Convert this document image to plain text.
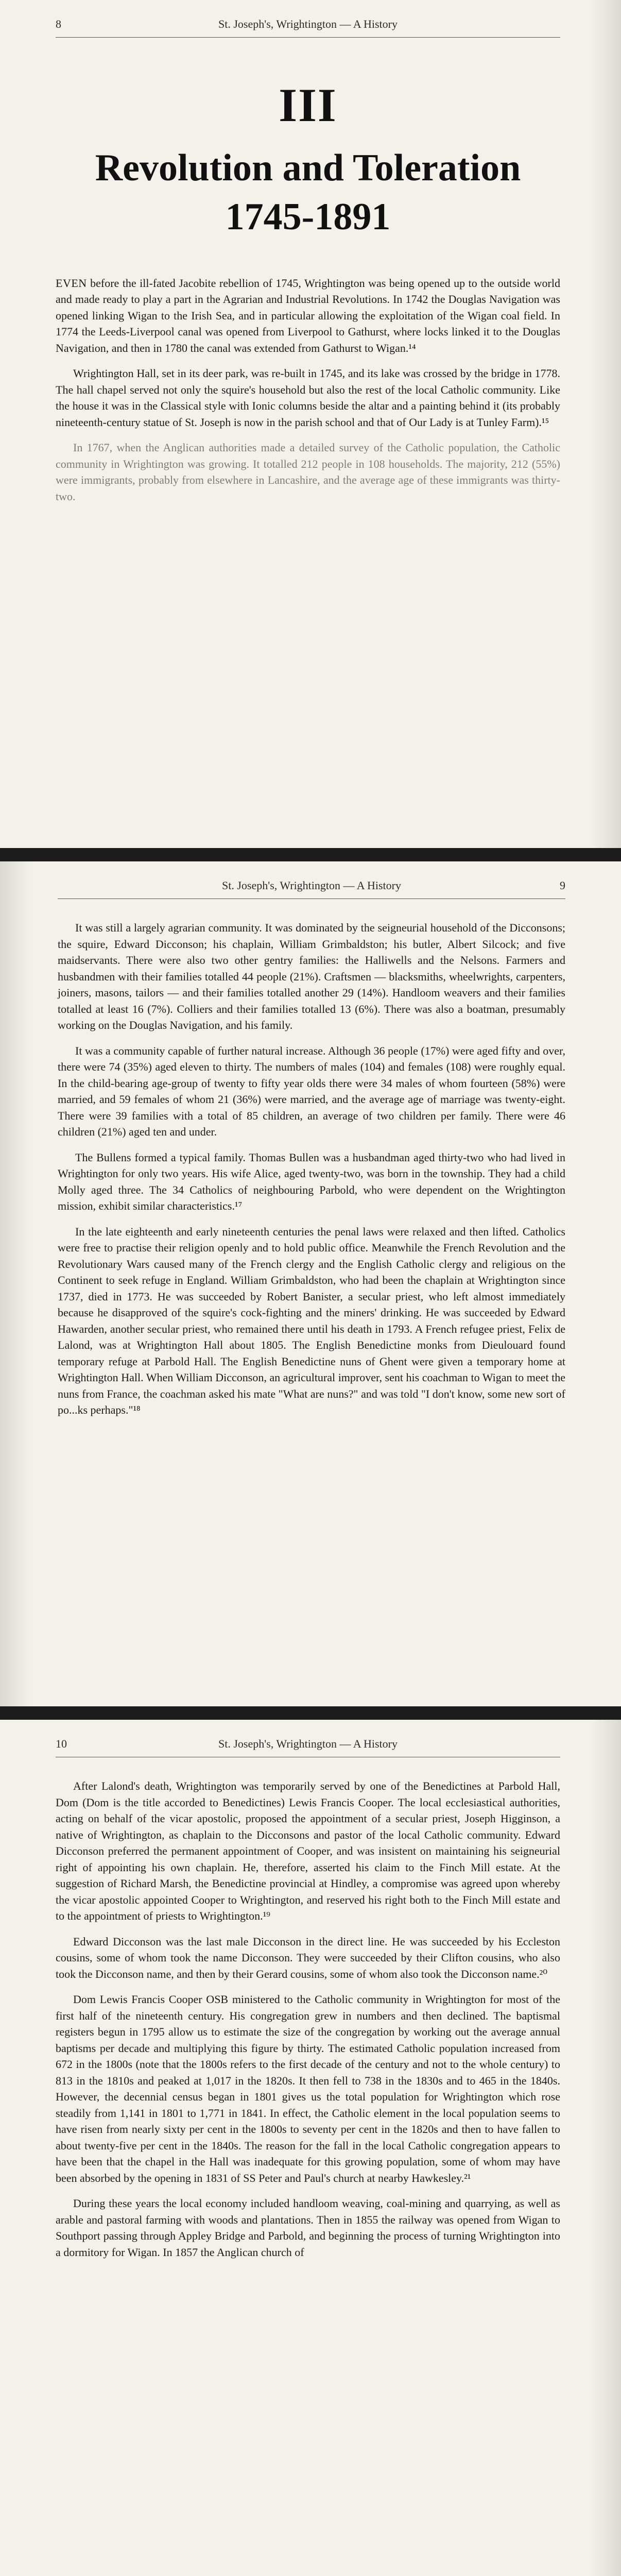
8	St. Joseph's, Wrightington — A History
III
Revolution and Toleration
1745-1891

EVEN before the ill-fated Jacobite rebellion of 1745, Wrightington was being opened up to the outside world and made ready to play a part in the Agrarian and Industrial Revolutions. In 1742 the Douglas Navigation was opened linking Wigan to the Irish Sea, and in particular allowing the exploitation of the Wigan coal field. In 1774 the Leeds-Liverpool canal was opened from Liverpool to Gathurst, where locks linked it to the Douglas Navigation, and then in 1780 the canal was extended from Gathurst to Wigan.¹⁴

Wrightington Hall, set in its deer park, was re-built in 1745, and its lake was crossed by the bridge in 1778. The hall chapel served not only the squire's household but also the rest of the local Catholic community. Like the house it was in the Classical style with Ionic columns beside the altar and a painting behind it (its probably nineteenth-century statue of St. Joseph is now in the parish school and that of Our Lady is at Tunley Farm).¹⁵

In 1767, when the Anglican authorities made a detailed survey of the Catholic population, the Catholic community in Wrightington was growing. It totalled 212 people in 108 households. The majority, 212 (55%) were immigrants, probably from elsewhere in Lancashire, and the average age of these immigrants was thirty-two.

St. Joseph's, Wrightington — A History	9

It was still a largely agrarian community. It was dominated by the seigneurial household of the Dicconsons; the squire, Edward Dicconson; his chaplain, William Grimbaldston; his butler, Albert Silcock; and five maidservants. There were also two other gentry families: the Halliwells and the Nelsons. Farmers and husbandmen with their families totalled 44 people (21%). Craftsmen — blacksmiths, wheelwrights, carpenters, joiners, masons, tailors — and their families totalled another 29 (14%). Handloom weavers and their families totalled at least 16 (7%). Colliers and their families totalled 13 (6%). There was also a boatman, presumably working on the Douglas Navigation, and his family.

It was a community capable of further natural increase. Although 36 people (17%) were aged fifty and over, there were 74 (35%) aged eleven to thirty. The numbers of males (104) and females (108) were roughly equal. In the child-bearing age-group of twenty to fifty year olds there were 34 males of whom fourteen (58%) were married, and 59 females of whom 21 (36%) were married, and the average age of marriage was twenty-eight. There were 39 families with a total of 85 children, an average of two children per family. There were 46 children (21%) aged ten and under.

The Bullens formed a typical family. Thomas Bullen was a husbandman aged thirty-two who had lived in Wrightington for only two years. His wife Alice, aged twenty-two, was born in the township. They had a child Molly aged three. The 34 Catholics of neighbouring Parbold, who were dependent on the Wrightington mission, exhibit similar characteristics.¹⁷

In the late eighteenth and early nineteenth centuries the penal laws were relaxed and then lifted. Catholics were free to practise their religion openly and to hold public office. Meanwhile the French Revolution and the Revolutionary Wars caused many of the French clergy and the English Catholic clergy and religious on the Continent to seek refuge in England. William Grimbaldston, who had been the chaplain at Wrightington since 1737, died in 1773. He was succeeded by Robert Banister, a secular priest, who left almost immediately because he disapproved of the squire's cock-fighting and the miners' drinking. He was succeeded by Edward Hawarden, another secular priest, who remained there until his death in 1793. A French refugee priest, Felix de Lalond, was at Wrightington Hall about 1805. The English Benedictine monks from Dieulouard found temporary refuge at Parbold Hall. The English Benedictine nuns of Ghent were given a temporary home at Wrightington Hall. When William Dicconson, an agricultural improver, sent his coachman to Wigan to meet the nuns from France, the coachman asked his mate "What are nuns?" and was told "I don't know, some new sort of po...ks perhaps."¹⁸

10	St. Joseph's, Wrightington — A History

After Lalond's death, Wrightington was temporarily served by one of the Benedictines at Parbold Hall, Dom (Dom is the title accorded to Benedictines) Lewis Francis Cooper. The local ecclesiastical authorities, acting on behalf of the vicar apostolic, proposed the appointment of a secular priest, Joseph Higginson, a native of Wrightington, as chaplain to the Dicconsons and pastor of the local Catholic community. Edward Dicconson preferred the permanent appointment of Cooper, and was insistent on maintaining his seigneurial right of appointing his own chaplain. He, therefore, asserted his claim to the Finch Mill estate. At the suggestion of Richard Marsh, the Benedictine provincial at Hindley, a compromise was agreed upon whereby the vicar apostolic appointed Cooper to Wrightington, and reserved his right both to the Finch Mill estate and to the appointment of priests to Wrightington.¹⁹

Edward Dicconson was the last male Dicconson in the direct line. He was succeeded by his Eccleston cousins, some of whom took the name Dicconson. They were succeeded by their Clifton cousins, who also took the Dicconson name, and then by their Gerard cousins, some of whom also took the Dicconson name.²⁰

Dom Lewis Francis Cooper OSB ministered to the Catholic community in Wrightington for most of the first half of the nineteenth century. His congregation grew in numbers and then declined. The baptismal registers begun in 1795 allow us to estimate the size of the congregation by working out the average annual baptisms per decade and multiplying this figure by thirty. The estimated Catholic population increased from 672 in the 1800s (note that the 1800s refers to the first decade of the century and not to the whole century) to 813 in the 1810s and peaked at 1,017 in the 1820s. It then fell to 738 in the 1830s and to 465 in the 1840s. However, the decennial census began in 1801 gives us the total population for Wrightington which rose steadily from 1,141 in 1801 to 1,771 in 1841. In effect, the Catholic element in the local population seems to have risen from nearly sixty per cent in the 1800s to seventy per cent in the 1820s and then to have fallen to about twenty-five per cent in the 1840s. The reason for the fall in the local Catholic congregation appears to have been that the chapel in the Hall was inadequate for this growing population, some of whom may have been absorbed by the opening in 1831 of SS Peter and Paul's church at nearby Hawkesley.²¹

During these years the local economy included handloom weaving, coal-mining and quarrying, as well as arable and pastoral farming with woods and plantations. Then in 1855 the railway was opened from Wigan to Southport passing through Appley Bridge and Parbold, and beginning the process of turning Wrightington into a dormitory for Wigan. In 1857 the Anglican church of
